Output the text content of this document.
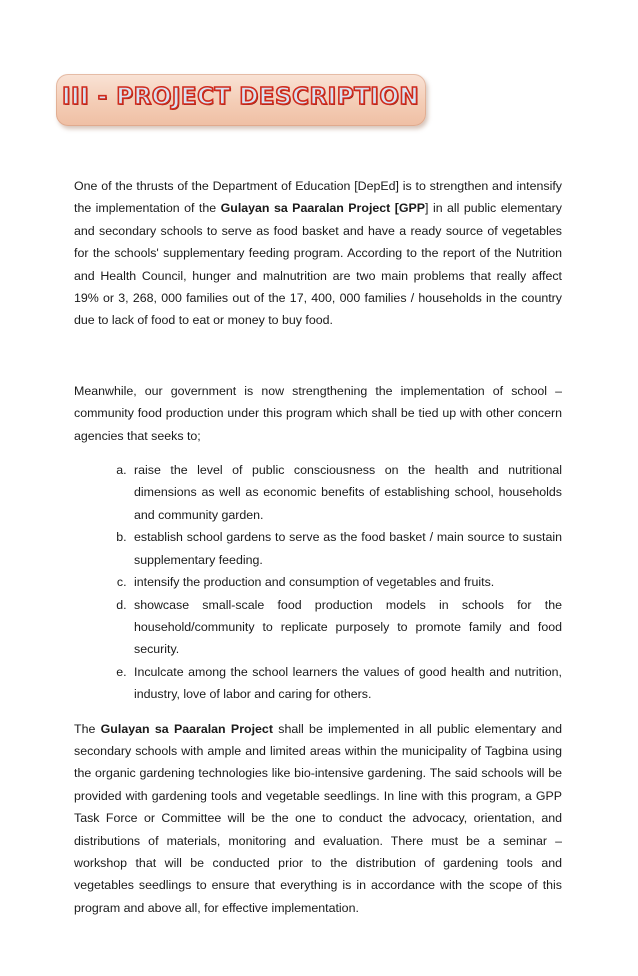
III - PROJECT DESCRIPTION

One of the thrusts of the Department of Education [DepEd] is to strengthen and intensify the implementation of the Gulayan sa Paaralan Project [GPP] in all public elementary and secondary schools to serve as food basket and have a ready source of vegetables for the schools' supplementary feeding program. According to the report of the Nutrition and Health Council, hunger and malnutrition are two main problems that really affect 19% or 3, 268, 000 families out of the 17, 400, 000 families / households in the country due to lack of food to eat or money to buy food.

Meanwhile, our government is now strengthening the implementation of school – community food production under this program which shall be tied up with other concern agencies that seeks to;

a. raise the level of public consciousness on the health and nutritional dimensions as well as economic benefits of establishing school, households and community garden.
b. establish school gardens to serve as the food basket / main source to sustain supplementary feeding.
c. intensify the production and consumption of vegetables and fruits.
d. showcase small-scale food production models in schools for the household/community to replicate purposely to promote family and food security.
e. Inculcate among the school learners the values of good health and nutrition, industry, love of labor and caring for others.

The Gulayan sa Paaralan Project shall be implemented in all public elementary and secondary schools with ample and limited areas within the municipality of Tagbina using the organic gardening technologies like bio-intensive gardening. The said schools will be provided with gardening tools and vegetable seedlings. In line with this program, a GPP Task Force or Committee will be the one to conduct the advocacy, orientation, and distributions of materials, monitoring and evaluation. There must be a seminar – workshop that will be conducted prior to the distribution of gardening tools and vegetables seedlings to ensure that everything is in accordance with the scope of this program and above all, for effective implementation.
